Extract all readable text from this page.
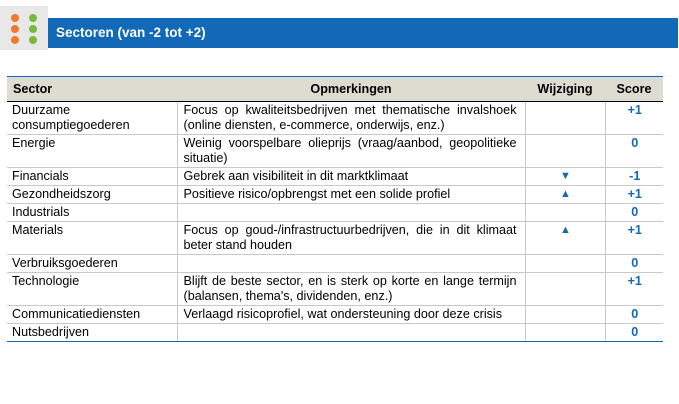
Sectoren (van -2 tot +2)
Sector	Opmerkingen	Wijziging	Score
Duurzame consumptiegoederen	Focus op kwaliteitsbedrijven met thematische invalshoek (online diensten, e-commerce, onderwijs, enz.)		+1
Energie	Weinig voorspelbare olieprijs (vraag/aanbod, geopolitieke situatie)		0
Financials	Gebrek aan visibiliteit in dit marktklimaat	▼	-1
Gezondheidszorg	Positieve risico/opbrengst met een solide profiel	▲	+1
Industrials			0
Materials	Focus op goud-/infrastructuurbedrijven, die in dit klimaat beter stand houden	▲	+1
Verbruiksgoederen			0
Technologie	Blijft de beste sector, en is sterk op korte en lange termijn (balansen, thema's, dividenden, enz.)		+1
Communicatiediensten	Verlaagd risicoprofiel, wat ondersteuning door deze crisis		0
Nutsbedrijven			0
